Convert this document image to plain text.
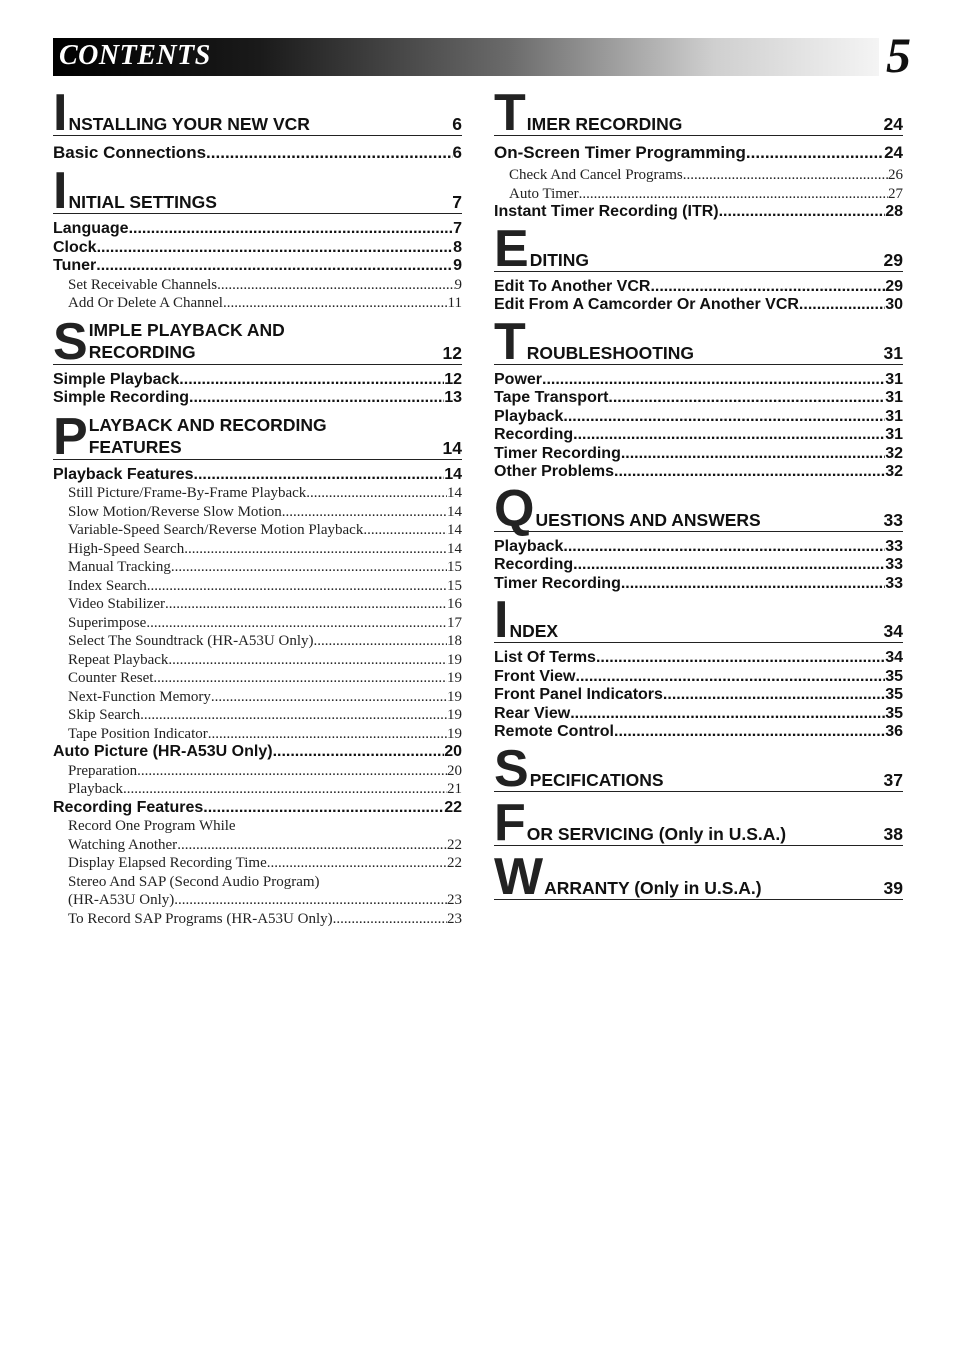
CONTENTS	5
I NSTALLING YOUR NEW VCR	6
Basic Connections .....	6
I NITIAL SETTINGS	7
Language .....	7
Clock .....	8
Tuner .....	9
Set Receivable Channels .....	9
Add Or Delete A Channel .....	11
S IMPLE PLAYBACK AND
RECORDING	12
Simple Playback .....	12
Simple Recording .....	13
P LAYBACK AND RECORDING
FEATURES	14
Playback Features .....	14
Still Picture/Frame-By-Frame Playback .....	14
Slow Motion/Reverse Slow Motion .....	14
Variable-Speed Search/Reverse Motion Playback .....	14
High-Speed Search .....	14
Manual Tracking .....	15
Index Search .....	15
Video Stabilizer .....	16
Superimpose .....	17
Select The Soundtrack (HR-A53U Only) .....	18
Repeat Playback .....	19
Counter Reset .....	19
Next-Function Memory .....	19
Skip Search .....	19
Tape Position Indicator .....	19
Auto Picture (HR-A53U Only) .....	20
Preparation .....	20
Playback .....	21
Recording Features .....	22
Record One Program While
Watching Another .....	22
Display Elapsed Recording Time .....	22
Stereo And SAP (Second Audio Program)
(HR-A53U Only) .....	23
To Record SAP Programs (HR-A53U Only) .....	23
T IMER RECORDING	24
On-Screen Timer Programming .....	24
Check And Cancel Programs .....	26
Auto Timer .....	27
Instant Timer Recording (ITR) .....	28
E DITING	29
Edit To Another VCR .....	29
Edit From A Camcorder Or Another VCR .....	30
T ROUBLESHOOTING	31
Power .....	31
Tape Transport .....	31
Playback .....	31
Recording .....	31
Timer Recording .....	32
Other Problems .....	32
Q UESTIONS AND ANSWERS	33
Playback .....	33
Recording .....	33
Timer Recording .....	33
I NDEX	34
List Of Terms .....	34
Front View .....	35
Front Panel Indicators .....	35
Rear View .....	35
Remote Control .....	36
S PECIFICATIONS	37
F OR SERVICING (Only in U.S.A.)	38
W ARRANTY (Only in U.S.A.)	39
